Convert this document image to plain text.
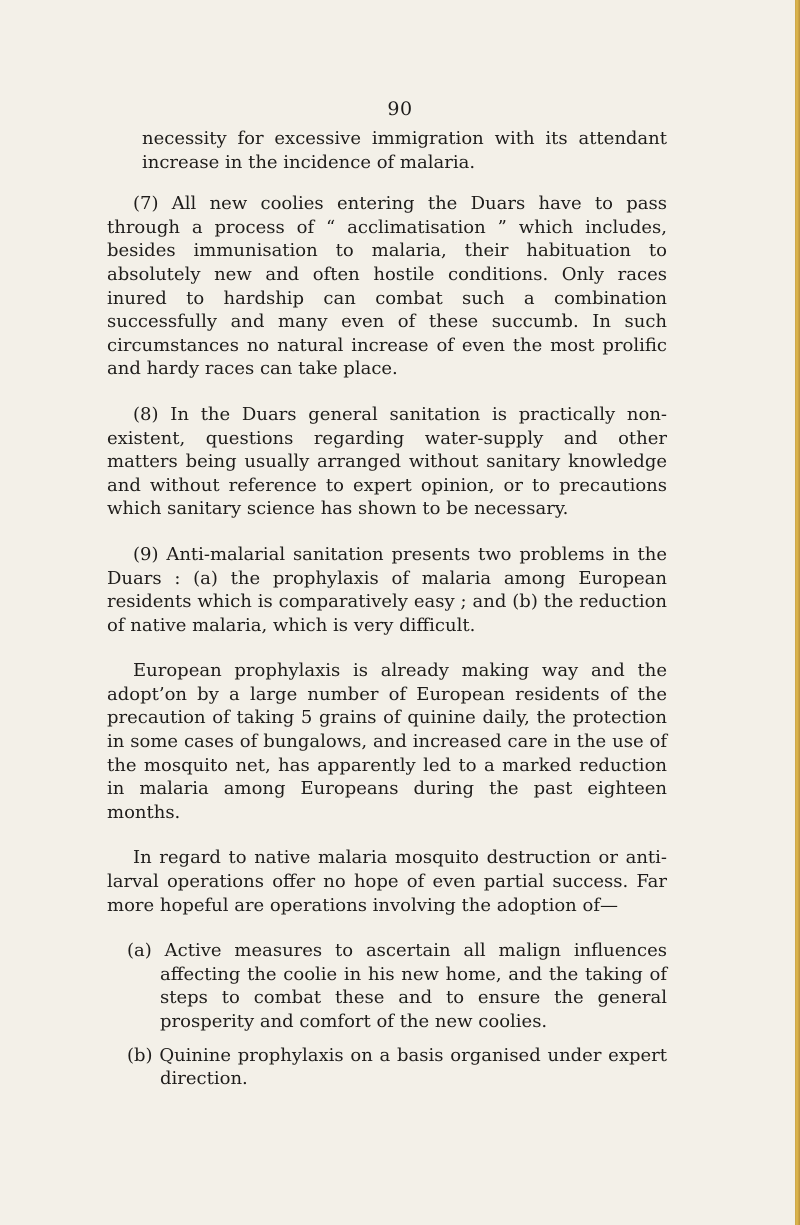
90

necessity for excessive immigration with its attendant increase in the incidence of malaria.

(7) All new coolies entering the Duars have to pass through a process of “ acclimatisation ” which includes, besides immunisation to malaria, their habituation to absolutely new and often hostile conditions. Only races inured to hardship can combat such a combination successfully and many even of these succumb. In such circumstances no natural increase of even the most prolific and hardy races can take place.

(8) In the Duars general sanitation is practically non-existent, questions regarding water-supply and other matters being usually arranged without sanitary knowledge and without reference to expert opinion, or to precautions which sanitary science has shown to be necessary.

(9) Anti-malarial sanitation presents two problems in the Duars : (a) the prophylaxis of malaria among European residents which is comparatively easy ; and (b) the reduction of native malaria, which is very difficult.

European prophylaxis is already making way and the adopt’on by a large number of European residents of the precaution of taking 5 grains of quinine daily, the protection in some cases of bungalows, and increased care in the use of the mosquito net, has apparently led to a marked reduction in malaria among Europeans during the past eighteen months.

In regard to native malaria mosquito destruction or anti-larval operations offer no hope of even partial success. Far more hopeful are operations involving the adoption of—

(a) Active measures to ascertain all malign influences affecting the coolie in his new home, and the taking of steps to combat these and to ensure the general prosperity and comfort of the new coolies.

(b) Quinine prophylaxis on a basis organised under expert direction.
